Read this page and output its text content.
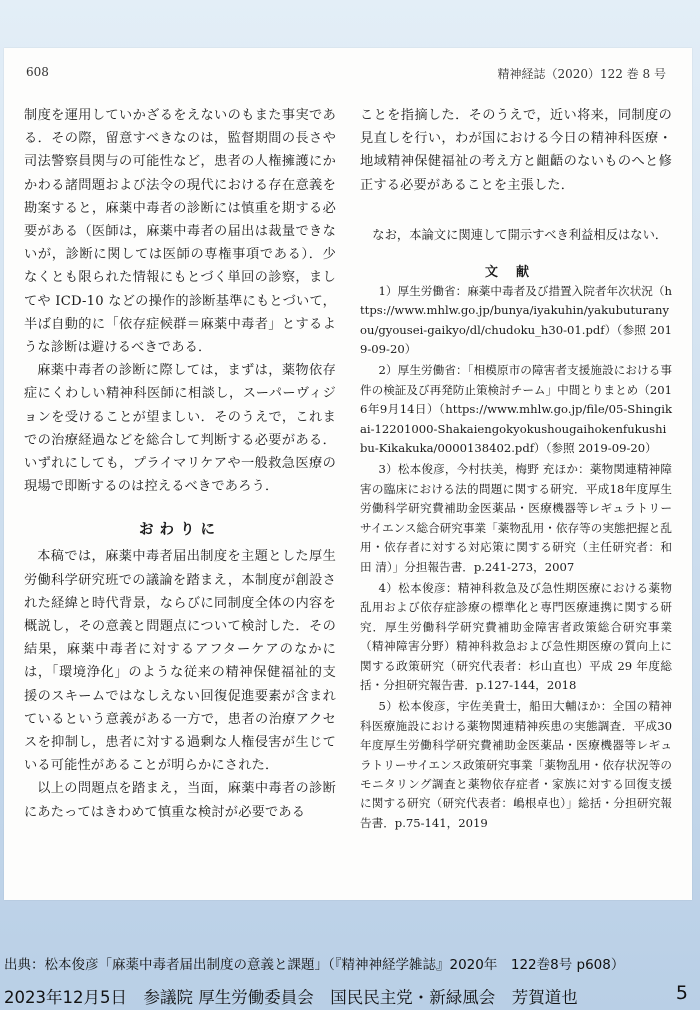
608	精神経誌（2020）122 巻 8 号

制度を運用していかざるをえないのもまた事実である．その際，留意すべきなのは，監督期間の長さや司法警察員関与の可能性など，患者の人権擁護にかかわる諸問題および法令の現代における存在意義を勘案すると，麻薬中毒者の診断には慎重を期する必要がある（医師は，麻薬中毒者の届出は裁量できないが，診断に関しては医師の専権事項である）．少なくとも限られた情報にもとづく単回の診察，ましてや ICD-10 などの操作的診断基準にもとづいて，半ば自動的に「依存症候群＝麻薬中毒者」とするような診断は避けるべきである．

麻薬中毒者の診断に際しては，まずは，薬物依存症にくわしい精神科医師に相談し，スーパーヴィジョンを受けることが望ましい．そのうえで，これまでの治療経過などを総合して判断する必要がある．いずれにしても，プライマリケアや一般救急医療の現場で即断するのは控えるべきであろう．

おわりに

本稿では，麻薬中毒者届出制度を主題とした厚生労働科学研究班での議論を踏まえ，本制度が創設された経緯と時代背景，ならびに同制度全体の内容を概説し，その意義と問題点について検討した．その結果，麻薬中毒者に対するアフターケアのなかには，「環境浄化」のような従来の精神保健福祉的支援のスキームではなしえない回復促進要素が含まれているという意義がある一方で，患者の治療アクセスを抑制し，患者に対する過剰な人権侵害が生じている可能性があることが明らかにされた．

以上の問題点を踏まえ，当面，麻薬中毒者の診断にあたってはきわめて慎重な検討が必要である

ことを指摘した．そのうえで，近い将来，同制度の見直しを行い，わが国における今日の精神科医療・地域精神保健福祉の考え方と齟齬のないものへと修正する必要があることを主張した．

なお，本論文に関連して開示すべき利益相反はない．

文献

1）厚生労働省：麻薬中毒者及び措置入院者年次状況（https://www.mhlw.go.jp/bunya/iyakuhin/yakubuturanyou/gyousei-gaikyo/dl/chudoku_h30-01.pdf）（参照 2019-09-20）

2）厚生労働省：「相模原市の障害者支援施設における事件の検証及び再発防止策検討チーム」中間とりまとめ（2016年9月14日）（https://www.mhlw.go.jp/file/05-Shingikai-12201000-Shakaiengokyokushougaihokenfukushibu-Kikakuka/0000138402.pdf）（参照 2019-09-20）

3）松本俊彦，今村扶美，梅野 充ほか：薬物関連精神障害の臨床における法的問題に関する研究．平成18年度厚生労働科学研究費補助金医薬品・医療機器等レギュラトリーサイエンス総合研究事業「薬物乱用・依存等の実態把握と乱用・依存者に対する対応策に関する研究（主任研究者：和田 清）」分担報告書．p.241-273，2007

4）松本俊彦：精神科救急及び急性期医療における薬物乱用および依存症診療の標準化と専門医療連携に関する研究．厚生労働科学研究費補助金障害者政策総合研究事業（精神障害分野）精神科救急および急性期医療の質向上に関する政策研究（研究代表者：杉山直也）平成 29 年度総括・分担研究報告書．p.127-144，2018

5）松本俊彦，宇佐美貴士，船田大輔ほか：全国の精神科医療施設における薬物関連精神疾患の実態調査．平成30年度厚生労働科学研究費補助金医薬品・医療機器等レギュラトリーサイエンス政策研究事業「薬物乱用・依存状況等のモニタリング調査と薬物依存症者・家族に対する回復支援に関する研究（研究代表者：嶋根卓也）」総括・分担研究報告書．p.75-141，2019

出典：松本俊彦「麻薬中毒者届出制度の意義と課題」（『精神神経学雑誌』2020年　122巻8号 p608）
2023年12月5日　参議院 厚生労働委員会　国民民主党・新緑風会　芳賀道也	5
